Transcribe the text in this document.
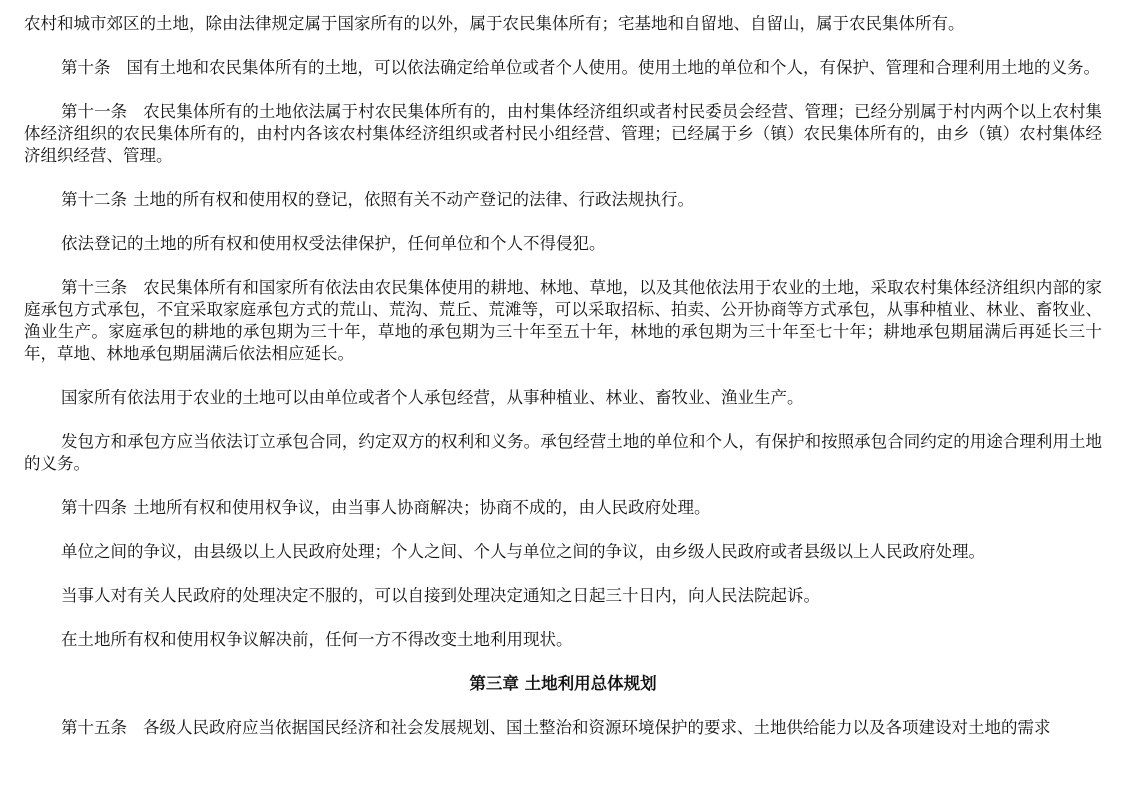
农村和城市郊区的土地，除由法律规定属于国家所有的以外，属于农民集体所有；宅基地和自留地、自留山，属于农民集体所有。

第十条 国有土地和农民集体所有的土地，可以依法确定给单位或者个人使用。使用土地的单位和个人，有保护、管理和合理利用土地的义务。

第十一条 农民集体所有的土地依法属于村农民集体所有的，由村集体经济组织或者村民委员会经营、管理；已经分别属于村内两个以上农村集体经济组织的农民集体所有的，由村内各该农村集体经济组织或者村民小组经营、管理；已经属于乡（镇）农民集体所有的，由乡（镇）农村集体经济组织经营、管理。

第十二条 土地的所有权和使用权的登记，依照有关不动产登记的法律、行政法规执行。

依法登记的土地的所有权和使用权受法律保护，任何单位和个人不得侵犯。

第十三条 农民集体所有和国家所有依法由农民集体使用的耕地、林地、草地，以及其他依法用于农业的土地，采取农村集体经济组织内部的家庭承包方式承包，不宜采取家庭承包方式的荒山、荒沟、荒丘、荒滩等，可以采取招标、拍卖、公开协商等方式承包，从事种植业、林业、畜牧业、渔业生产。家庭承包的耕地的承包期为三十年，草地的承包期为三十年至五十年，林地的承包期为三十年至七十年；耕地承包期届满后再延长三十年，草地、林地承包期届满后依法相应延长。

国家所有依法用于农业的土地可以由单位或者个人承包经营，从事种植业、林业、畜牧业、渔业生产。

发包方和承包方应当依法订立承包合同，约定双方的权利和义务。承包经营土地的单位和个人，有保护和按照承包合同约定的用途合理利用土地的义务。

第十四条 土地所有权和使用权争议，由当事人协商解决；协商不成的，由人民政府处理。

单位之间的争议，由县级以上人民政府处理；个人之间、个人与单位之间的争议，由乡级人民政府或者县级以上人民政府处理。

当事人对有关人民政府的处理决定不服的，可以自接到处理决定通知之日起三十日内，向人民法院起诉。

在土地所有权和使用权争议解决前，任何一方不得改变土地利用现状。

第三章 土地利用总体规划

第十五条 各级人民政府应当依据国民经济和社会发展规划、国土整治和资源环境保护的要求、土地供给能力以及各项建设对土地的需求
